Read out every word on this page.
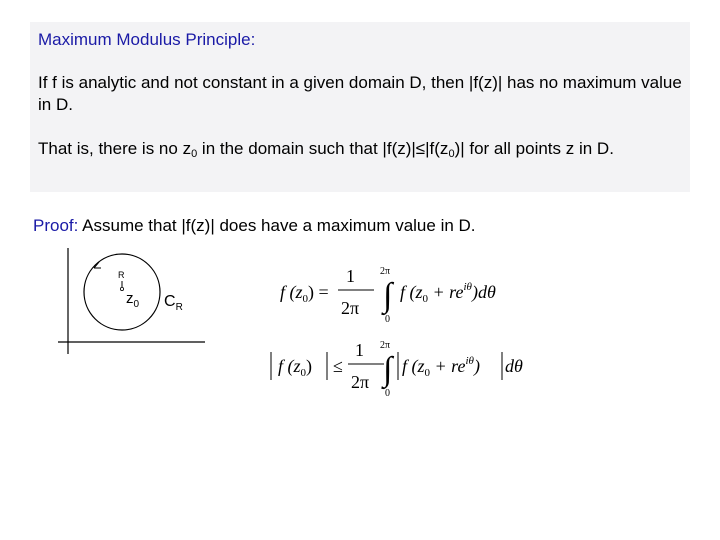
Maximum Modulus Principle:
If f is analytic and not constant in a given domain D, then |f(z)| has no maximum value in D.
That is, there is no $z_0$ in the domain such that $|f(z)|\le|f(z_0)|$ for all points z in D.
Proof: Assume that |f(z)| does have a maximum value in D.
R
$z_0$ $C_R$
f $(z_0)$ =
1
2π
2π
∫
0
f $(z_0 + re^{i\theta})d\theta$
f $(z_0)$ ≤
1
2π
2π
∫
0
f $(z_0 + re^{i\theta})$ dθ
